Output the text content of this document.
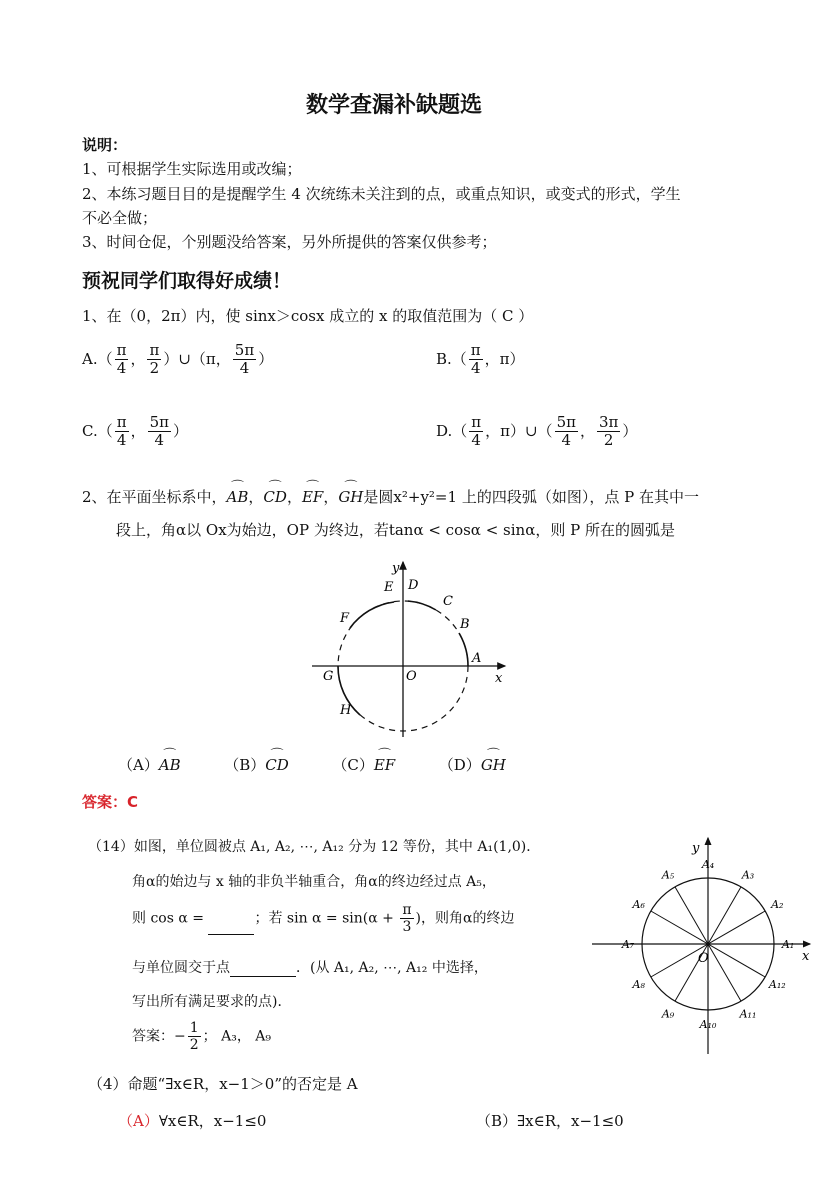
数学查漏补缺题选
说明：
1、可根据学生实际选用或改编；
2、本练习题目目的是提醒学生 4 次统练未关注到的点，或重点知识，或变式的形式，学生
不必全做；
3、时间仓促，个别题没给答案，另外所提供的答案仅供参考；
预祝同学们取得好成绩！
1、在（0，2π）内，使 sinx＞cosx 成立的 x 的取值范围为（ C ）
$A.( \frac{\pi}{4}$ ， $\frac{\pi}{2}$ ）∪（π， $\frac{5\pi}{4}$ ）	$B.( \frac{\pi}{4}$ ，π）
$C.( \frac{\pi}{4}$ ， $\frac{5\pi}{4}$ ）	$D.( \frac{\pi}{4}$ ，π）∪（ $\frac{5\pi}{4}$ ， $\frac{3\pi}{2}$ ）
2、在平面坐标系中，⌒ AB，⌒ CD，⌒ EF，⌒ GH是圆x²+y²=1 上的四段弧（如图），点 P 在其中一
段上，角α以 Ox为始边，OP 为终边，若tanα < cosα < sinα，则 P 所在的圆弧是
y
x
O
A
B
C
D
E
F
G
H
（A）⌒ AB	（B）⌒ CD	（C）⌒ EF	（D）⌒ GH
答案：C
（14）如图，单位圆被点 A₁, A₂, ⋯, A₁₂ 分为 12 等份，其中 A₁(1,0)．
角α的始边与 x 轴的非负半轴重合，角α的终边经过点 A₅，
则 cos α =	；若 $\sin \alpha = \sin(\alpha + \frac{\pi}{3}$ )，则角α的终边
与单位圆交于点	．(从 A₁, A₂, ⋯, A₁₂ 中选择，
写出所有满足要求的点)．
答案：− $\frac{1}{2}$ ； A₃， A₉
A₁
A₂
A₃
A₄
A₅
A₆
A₇
A₈
A₉
A₁₀
A₁₁
A₁₂
y
x
O
（4）命题“∃x∈R，x−1＞0”的否定是 A
（A）∀x∈R，x−1≤0	（B）∃x∈R，x−1≤0
